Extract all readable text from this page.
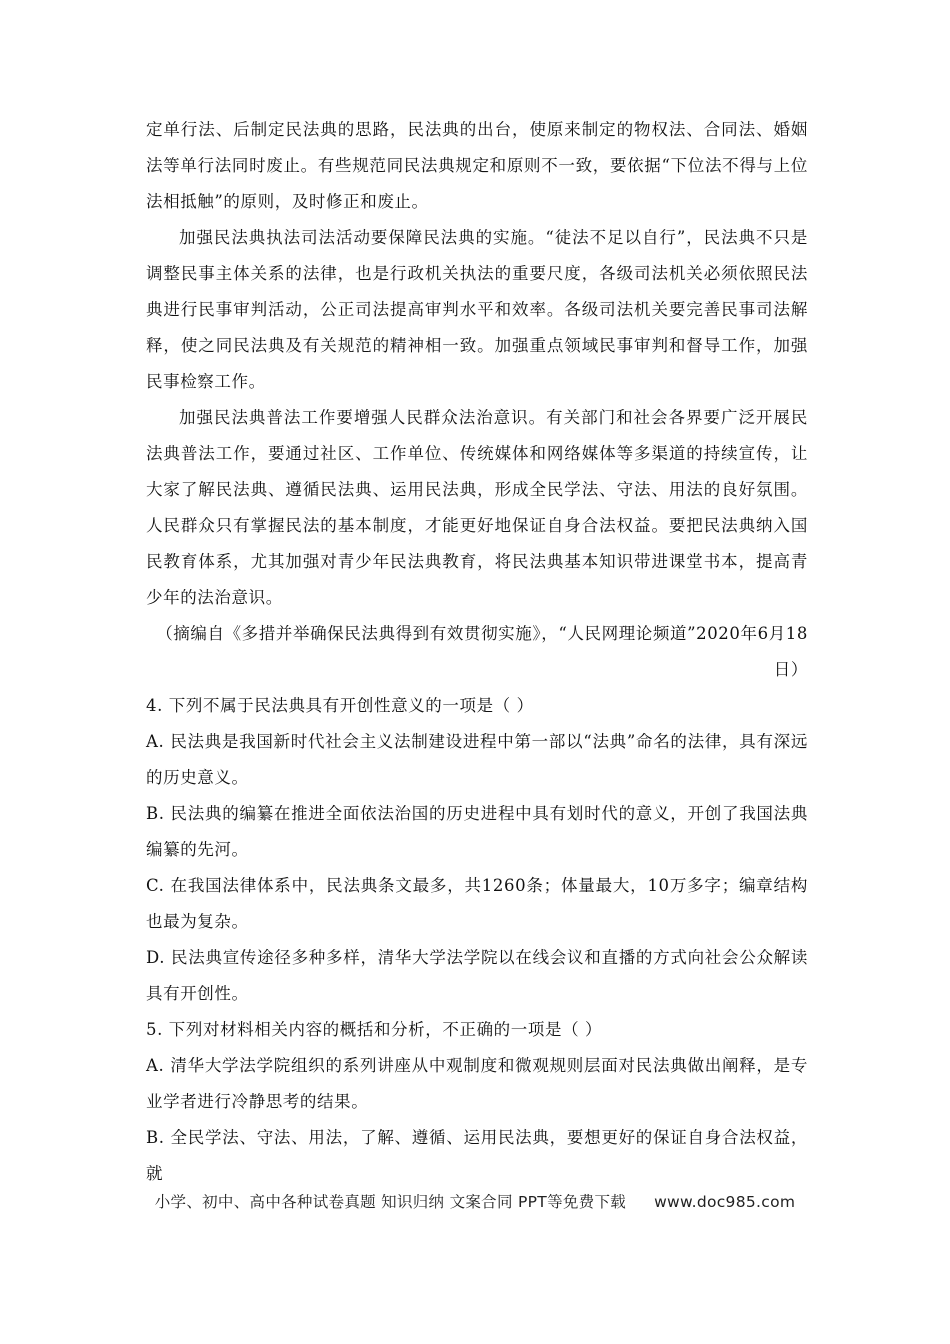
定单行法、后制定民法典的思路，民法典的出台，使原来制定的物权法、合同法、婚姻法等单行法同时废止。有些规范同民法典规定和原则不一致，要依据“下位法不得与上位法相抵触”的原则，及时修正和废止。

加强民法典执法司法活动要保障民法典的实施。“徒法不足以自行”，民法典不只是调整民事主体关系的法律，也是行政机关执法的重要尺度，各级司法机关必须依照民法典进行民事审判活动，公正司法提高审判水平和效率。各级司法机关要完善民事司法解释，使之同民法典及有关规范的精神相一致。加强重点领域民事审判和督导工作，加强民事检察工作。

加强民法典普法工作要增强人民群众法治意识。有关部门和社会各界要广泛开展民法典普法工作，要通过社区、工作单位、传统媒体和网络媒体等多渠道的持续宣传，让大家了解民法典、遵循民法典、运用民法典，形成全民学法、守法、用法的良好氛围。人民群众只有掌握民法的基本制度，才能更好地保证自身合法权益。要把民法典纳入国民教育体系，尤其加强对青少年民法典教育，将民法典基本知识带进课堂书本，提高青少年的法治意识。

（摘编自《多措并举确保民法典得到有效贯彻实施》，“人民网理论频道”2020年6月18日）

4. 下列不属于民法典具有开创性意义的一项是（ ）

A. 民法典是我国新时代社会主义法制建设进程中第一部以“法典”命名的法律，具有深远的历史意义。

B. 民法典的编纂在推进全面依法治国的历史进程中具有划时代的意义，开创了我国法典编纂的先河。

C. 在我国法律体系中，民法典条文最多，共1260条；体量最大，10万多字；编章结构也最为复杂。

D. 民法典宣传途径多种多样，清华大学法学院以在线会议和直播的方式向社会公众解读具有开创性。

5. 下列对材料相关内容的概括和分析，不正确的一项是（ ）

A. 清华大学法学院组织的系列讲座从中观制度和微观规则层面对民法典做出阐释，是专业学者进行冷静思考的结果。

B. 全民学法、守法、用法，了解、遵循、运用民法典，要想更好的保证自身合法权益，就

小学、初中、高中各种试卷真题 知识归纳 文案合同 PPT等免费下载 www.doc985.com
